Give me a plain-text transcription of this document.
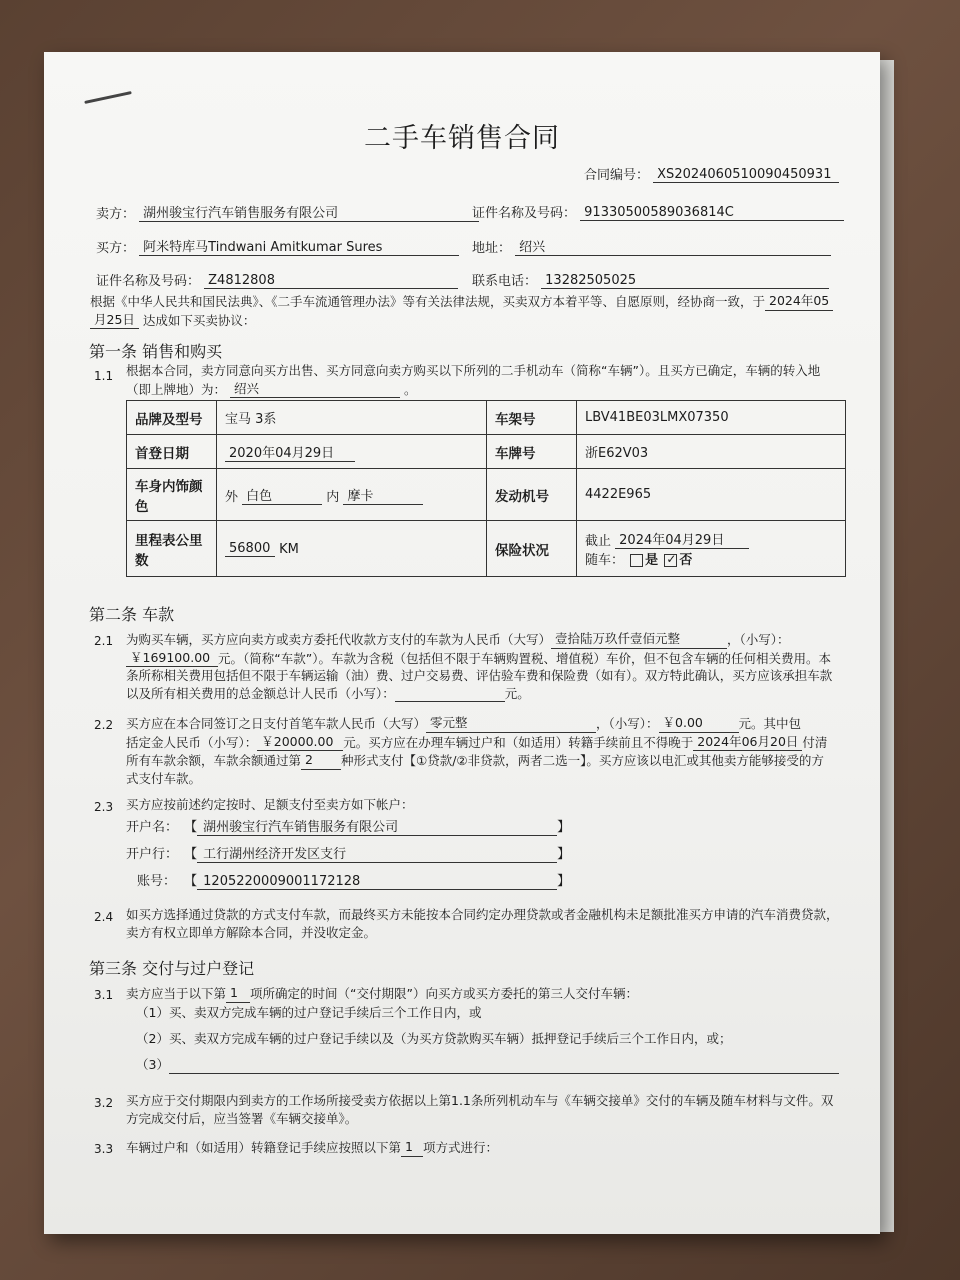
二手车销售合同
合同编号： XS2024060510090450931
卖方： 湖州骏宝行汽车销售服务有限公司	证件名称及号码： 91330500589036814C
买方： 阿米特库马Tindwani Amitkumar Sures	地址： 绍兴
证件名称及号码： Z4812808	联系电话： 13282505025
根据《中华人民共和国民法典》、《二手车流通管理办法》等有关法律法规，买卖双方本着平等、自愿原则，经协商一致，于 2024年05
月25日 达成如下买卖协议：
第一条 销售和购买
1.1 根据本合同，卖方同意向买方出售、买方同意向卖方购买以下所列的二手机动车（简称“车辆”）。且买方已确定，车辆的转入地
（即上牌地）为： 绍兴	。
品牌及型号	宝马 3系	车架号	LBV41BE03LMX07350
首登日期	2020年04月29日	车牌号	浙E62V03
车身内饰颜色	外 白色 内 摩卡	发动机号	4422E965
里程表公里数	56800 KM	保险状况	截止 2024年04月29日
随车： 是 ✓ 否
第二条 车款
2.1 为购买车辆，买方应向卖方或卖方委托代收款方支付的车款为人民币（大写） 壹拾陆万玖仟壹佰元整	，（小写）：
￥169100.00 元。（简称“车款”）。车款为含税（包括但不限于车辆购置税、增值税）车价，但不包含车辆的任何相关费用。本
条所称相关费用包括但不限于车辆运输（油）费、过户交易费、评估验车费和保险费（如有）。双方特此确认，买方应该承担车款
以及所有相关费用的总金额总计人民币（小写）：	元。
2.2 买方应在本合同签订之日支付首笔车款人民币（大写） 零元整	，（小写）： ￥0.00	元。其中包
括定金人民币（小写）： ￥20000.00 元。买方应在办理车辆过户和（如适用）转籍手续前且不得晚于 2024年06月20日 付清
所有车款余额，车款余额通过第 2 种形式支付【①贷款/②非贷款，两者二选一】。买方应该以电汇或其他卖方能够接受的方
式支付车款。
2.3 买方应按前述约定按时、足额支付至卖方如下帐户：
开户名： 【 湖州骏宝行汽车销售服务有限公司	】
开户行： 【 工行湖州经济开发区支行	】
账号： 【 1205220009001172128	】
2.4 如买方选择通过贷款的方式支付车款，而最终买方未能按本合同约定办理贷款或者金融机构未足额批准买方申请的汽车消费贷款，
卖方有权立即单方解除本合同，并没收定金。
第三条 交付与过户登记
3.1 卖方应当于以下第 1 项所确定的时间（“交付期限”）向买方或买方委托的第三人交付车辆：
（1）买、卖双方完成车辆的过户登记手续后三个工作日内，或
（2）买、卖双方完成车辆的过户登记手续以及（为买方贷款购买车辆）抵押登记手续后三个工作日内，或；
（3）
3.2 买方应于交付期限内到卖方的工作场所接受卖方依据以上第1.1条所列机动车与《车辆交接单》交付的车辆及随车材料与文件。双
方完成交付后，应当签署《车辆交接单》。
3.3 车辆过户和（如适用）转籍登记手续应按照以下第 1 项方式进行：
